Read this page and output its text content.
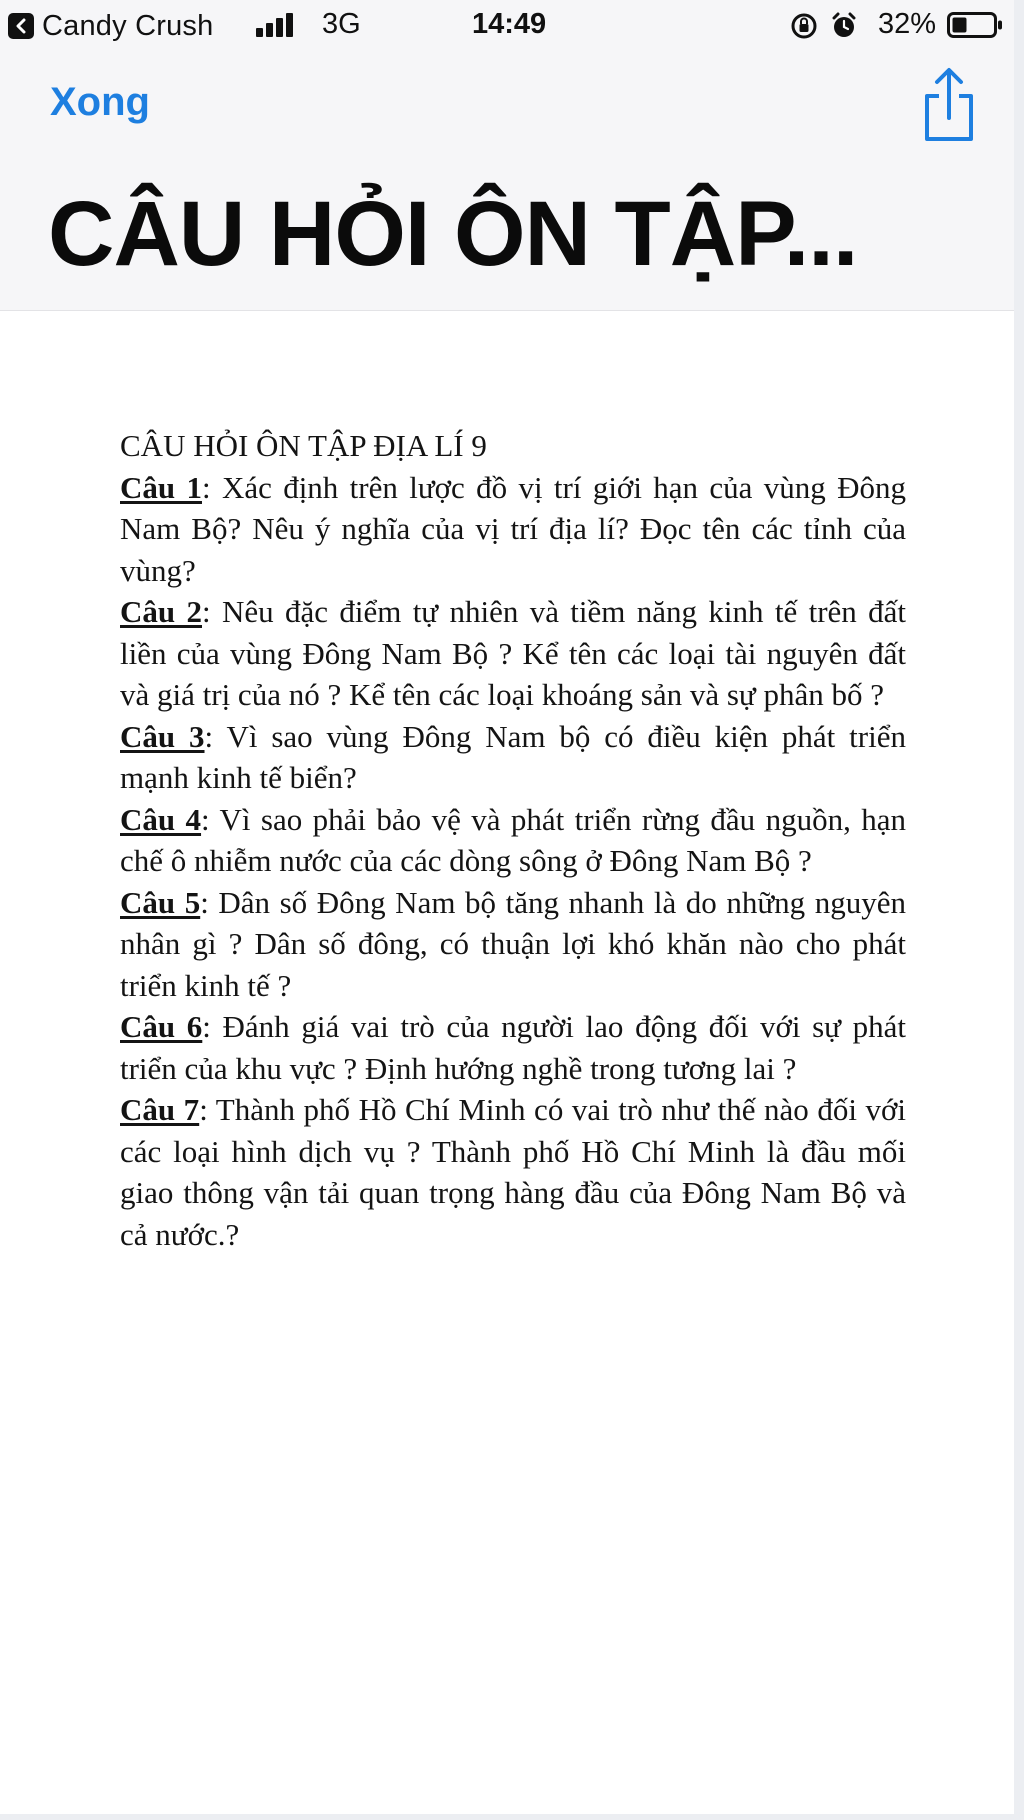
Candy Crush	3G	14:49	32%
Xong
CÂU HỎI ÔN TẬP...

CÂU HỎI ÔN TẬP ĐỊA LÍ 9

Câu 1: Xác định trên lược đồ vị trí giới hạn của vùng Đông Nam Bộ? Nêu ý nghĩa của vị trí địa lí? Đọc tên các tỉnh của vùng?

Câu 2: Nêu đặc điểm tự nhiên và tiềm năng kinh tế trên đất liền của vùng Đông Nam Bộ ? Kể tên các loại tài nguyên đất và giá trị của nó ? Kể tên các loại khoáng sản và sự phân bố ?

Câu 3: Vì sao vùng Đông Nam bộ có điều kiện phát triển mạnh kinh tế biển?

Câu 4: Vì sao phải bảo vệ và phát triển rừng đầu nguồn, hạn chế ô nhiễm nước của các dòng sông ở Đông Nam Bộ ?

Câu 5: Dân số Đông Nam bộ tăng nhanh là do những nguyên nhân gì ? Dân số đông, có thuận lợi khó khăn nào cho phát triển kinh tế ?

Câu 6: Đánh giá vai trò của người lao động đối với sự phát triển của khu vực ? Định hướng nghề trong tương lai ?

Câu 7: Thành phố Hồ Chí Minh có vai trò như thế nào đối với các loại hình dịch vụ ? Thành phố Hồ Chí Minh là đầu mối giao thông vận tải quan trọng hàng đầu của Đông Nam Bộ và cả nước.?
